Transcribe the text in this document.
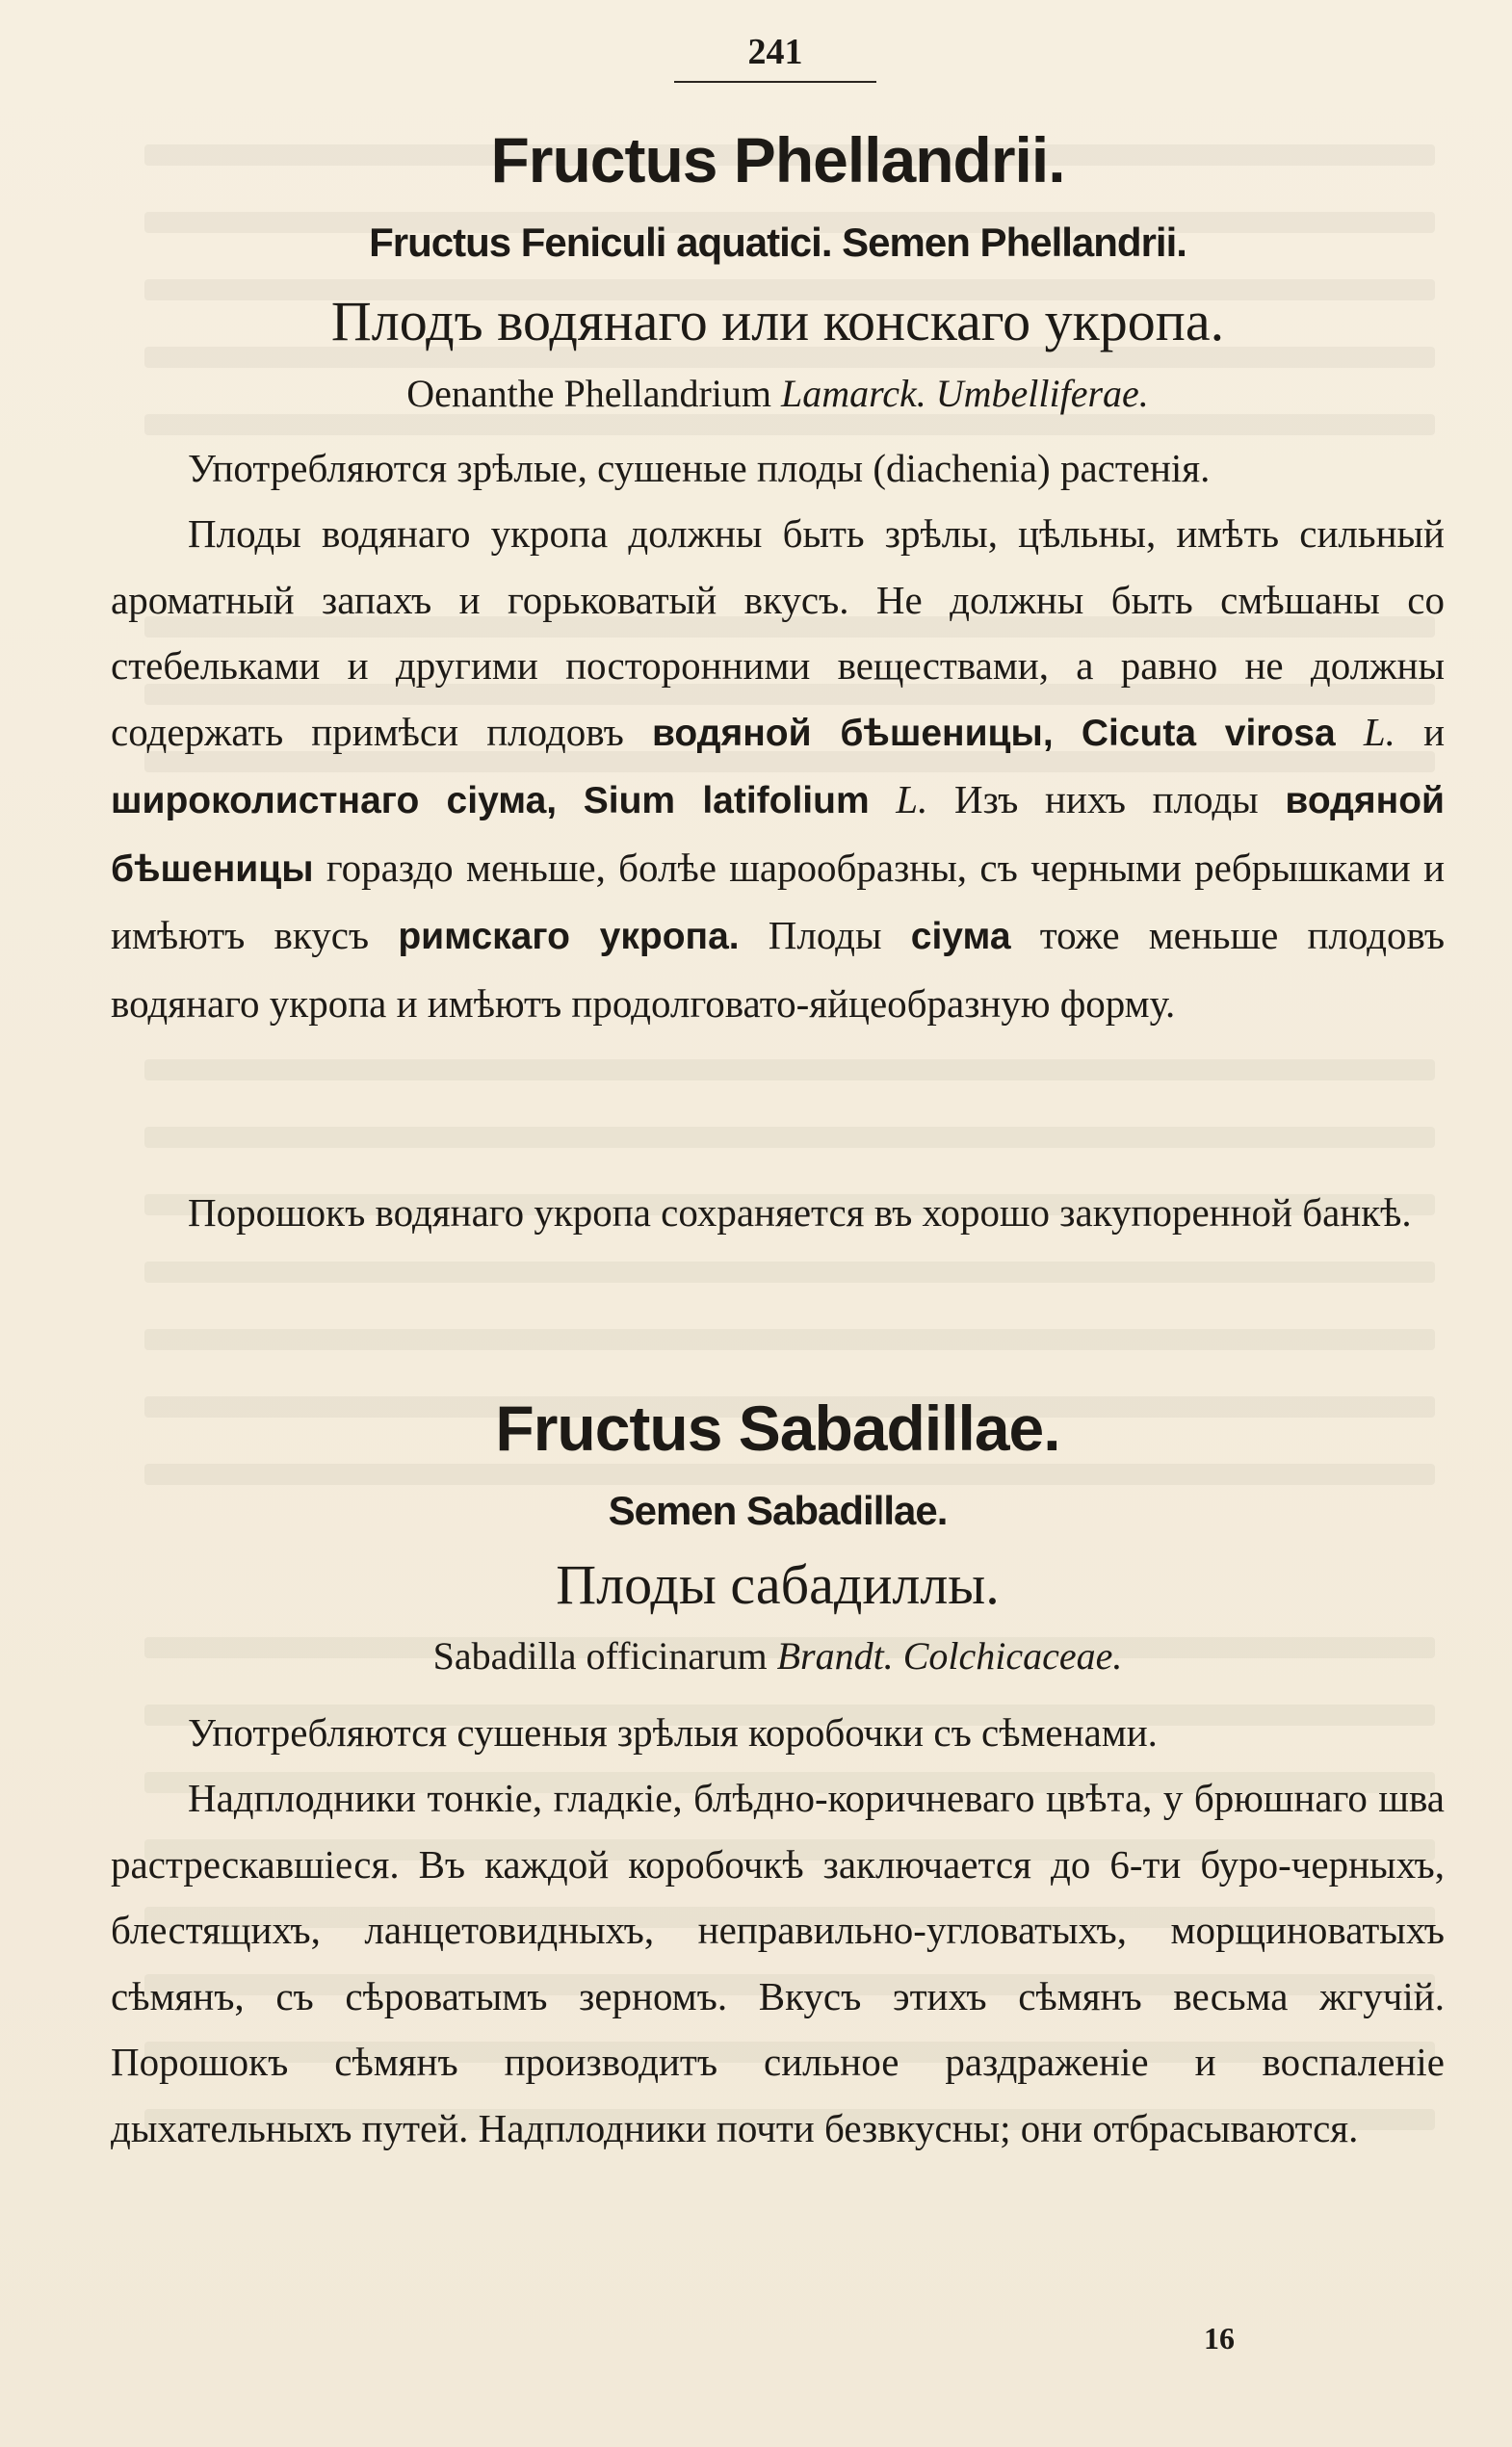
241
Fructus Phellandrii.
Fructus Feniculi aquatici. Semen Phellandrii.
Плодъ водянаго или конскаго укропа.
Oenanthe Phellandrium Lamarck. Umbelliferae.
Употребляются зрѣлые, сушеные плоды (diachenia) растенія.
Плоды водянаго укропа должны быть зрѣлы, цѣльны, имѣть сильный ароматный запахъ и горьковатый вкусъ. Не должны быть смѣшаны со стебельками и другими посторонними веществами, а равно не должны содержать примѣси плодовъ водяной бѣшеницы, Cicuta virosa L. и широколистнаго сіума, Sium latifolium L. Изъ нихъ плоды водяной бѣшеницы гораздо меньше, болѣе шарообразны, съ черными ребрышками и имѣютъ вкусъ римскаго укропа. Плоды сіума тоже меньше плодовъ водянаго укропа и имѣютъ продолговато-яйцеобразную форму.
Порошокъ водянаго укропа сохраняется въ хорошо закупоренной банкѣ.
Fructus Sabadillae.
Semen Sabadillae.
Плоды сабадиллы.
Sabadilla officinarum Brandt. Colchicaceae.
Употребляются сушеныя зрѣлыя коробочки съ сѣменами.
Надплодники тонкіе, гладкіе, блѣдно-коричневаго цвѣта, у брюшнаго шва растрескавшіеся. Въ каждой коробочкѣ заключается до 6-ти буро-черныхъ, блестящихъ, ланцетовидныхъ, неправильно-угловатыхъ, морщиноватыхъ сѣмянъ, съ сѣроватымъ зерномъ. Вкусъ этихъ сѣмянъ весьма жгучій. Порошокъ сѣмянъ производитъ сильное раздраженіе и воспаленіе дыхательныхъ путей. Надплодники почти безвкусны; они отбрасываются.
16
